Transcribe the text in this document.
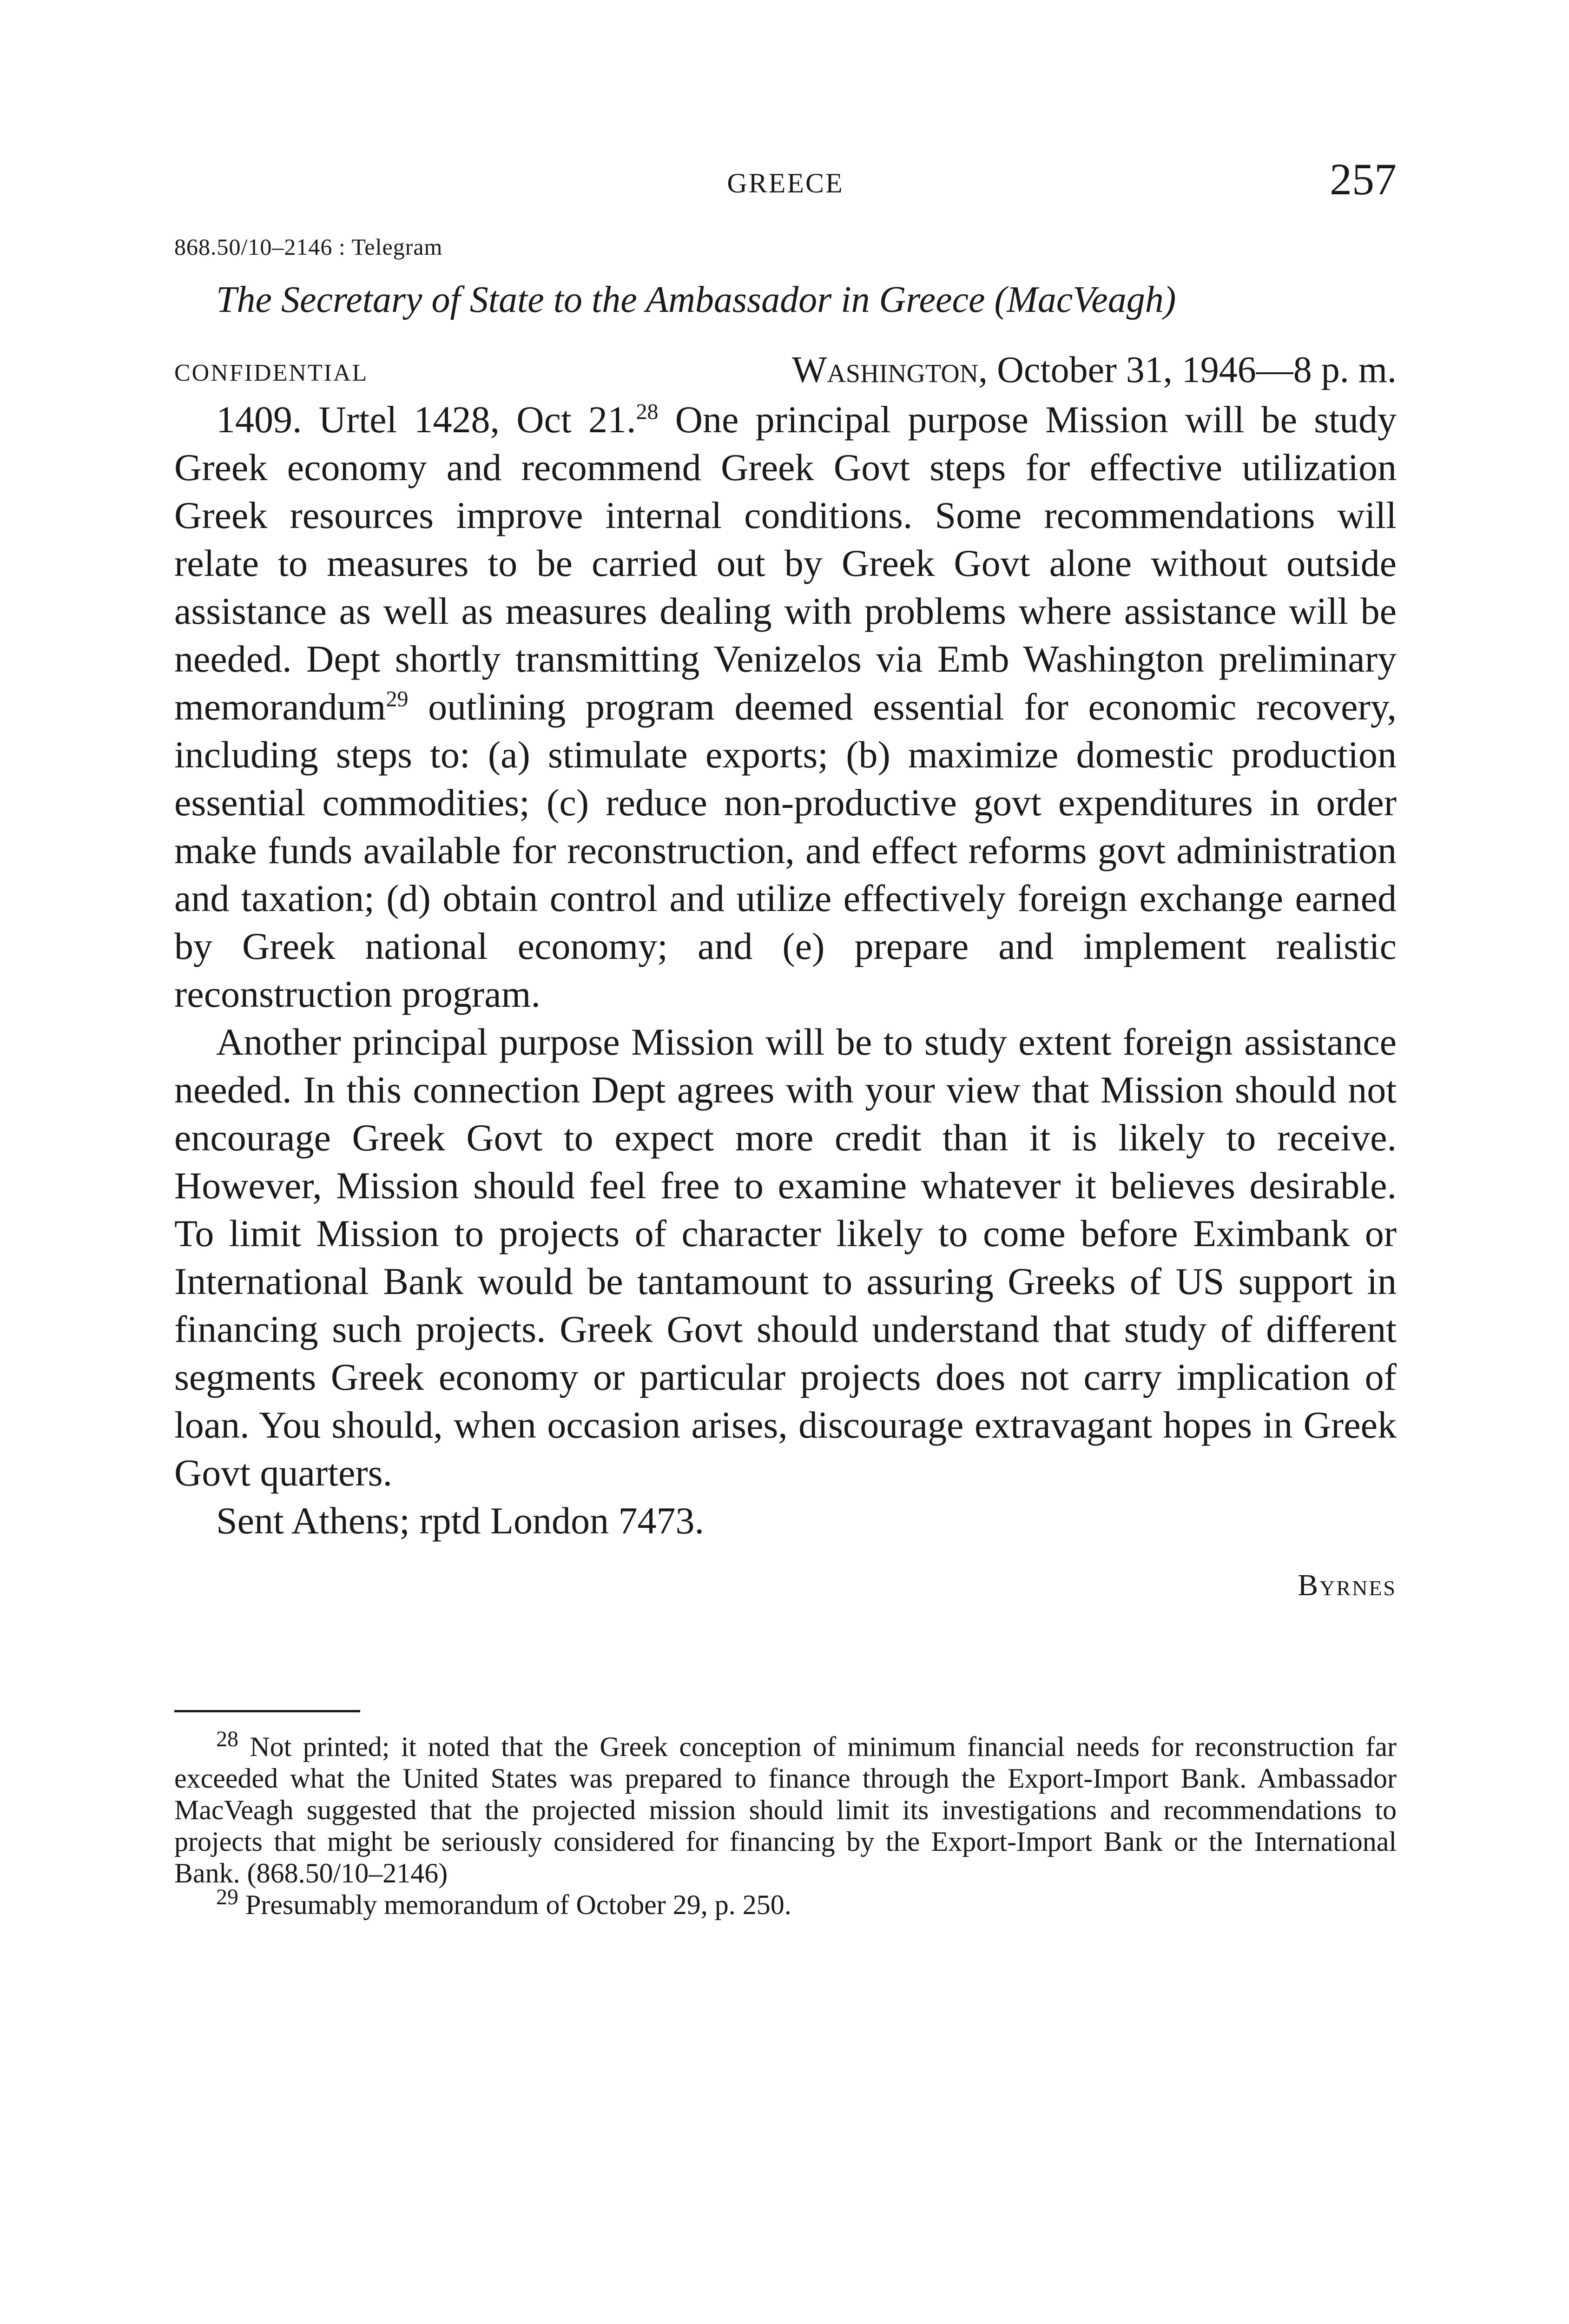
GREECE	257
868.50/10–2146 : Telegram
The Secretary of State to the Ambassador in Greece (MacVeagh)
CONFIDENTIAL	Washington, October 31, 1946—8 p. m.

1409. Urtel 1428, Oct 21.28 One principal purpose Mission will be study Greek economy and recommend Greek Govt steps for effective utilization Greek resources improve internal conditions. Some recommendations will relate to measures to be carried out by Greek Govt alone without outside assistance as well as measures dealing with problems where assistance will be needed. Dept shortly transmitting Venizelos via Emb Washington preliminary memorandum$^{29}$ outlining program deemed essential for economic recovery, including steps to: (a) stimulate exports; (b) maximize domestic production essential commodities; (c) reduce non-productive govt expenditures in order make funds available for reconstruction, and effect reforms govt administration and taxation; (d) obtain control and utilize effectively foreign exchange earned by Greek national economy; and (e) prepare and implement realistic reconstruction program.

Another principal purpose Mission will be to study extent foreign assistance needed. In this connection Dept agrees with your view that Mission should not encourage Greek Govt to expect more credit than it is likely to receive. However, Mission should feel free to examine whatever it believes desirable. To limit Mission to projects of character likely to come before Eximbank or International Bank would be tantamount to assuring Greeks of US support in financing such projects. Greek Govt should understand that study of different segments Greek economy or particular projects does not carry implication of loan. You should, when occasion arises, discourage extravagant hopes in Greek Govt quarters.

Sent Athens; rptd London 7473.

Byrnes

$^{28}$ Not printed; it noted that the Greek conception of minimum financial needs for reconstruction far exceeded what the United States was prepared to finance through the Export-Import Bank. Ambassador MacVeagh suggested that the projected mission should limit its investigations and recommendations to projects that might be seriously considered for financing by the Export-Import Bank or the International Bank. (868.50/10–2146)

$^{29}$ Presumably memorandum of October 29, p. 250.
